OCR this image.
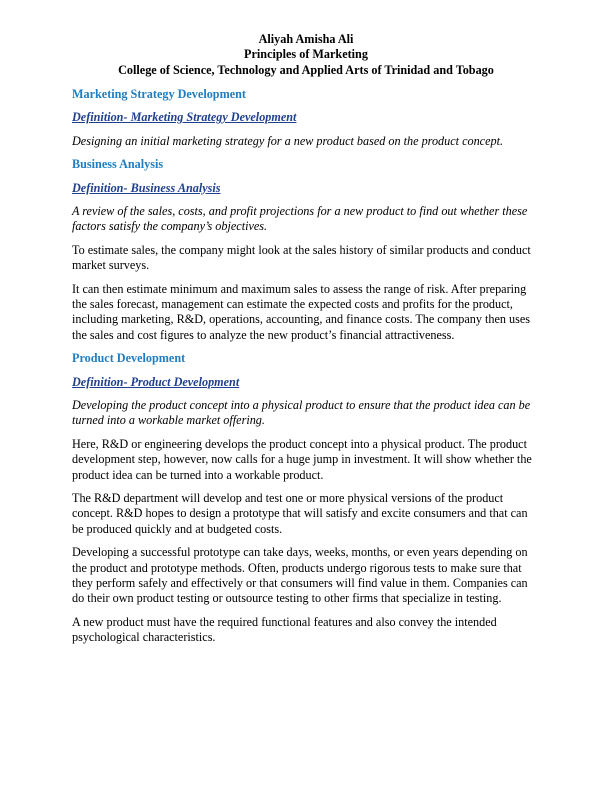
Aliyah Amisha Ali
Principles of Marketing
College of Science, Technology and Applied Arts of Trinidad and Tobago

Marketing Strategy Development

Definition- Marketing Strategy Development

Designing an initial marketing strategy for a new product based on the product concept.

Business Analysis

Definition- Business Analysis

A review of the sales, costs, and profit projections for a new product to find out whether these factors satisfy the company’s objectives.

To estimate sales, the company might look at the sales history of similar products and conduct market surveys.

It can then estimate minimum and maximum sales to assess the range of risk. After preparing the sales forecast, management can estimate the expected costs and profits for the product, including marketing, R&D, operations, accounting, and finance costs. The company then uses the sales and cost figures to analyze the new product’s financial attractiveness.

Product Development

Definition- Product Development

Developing the product concept into a physical product to ensure that the product idea can be turned into a workable market offering.

Here, R&D or engineering develops the product concept into a physical product. The product development step, however, now calls for a huge jump in investment. It will show whether the product idea can be turned into a workable product.

The R&D department will develop and test one or more physical versions of the product concept. R&D hopes to design a prototype that will satisfy and excite consumers and that can be produced quickly and at budgeted costs.

Developing a successful prototype can take days, weeks, months, or even years depending on the product and prototype methods. Often, products undergo rigorous tests to make sure that they perform safely and effectively or that consumers will find value in them. Companies can do their own product testing or outsource testing to other firms that specialize in testing.

A new product must have the required functional features and also convey the intended psychological characteristics.
